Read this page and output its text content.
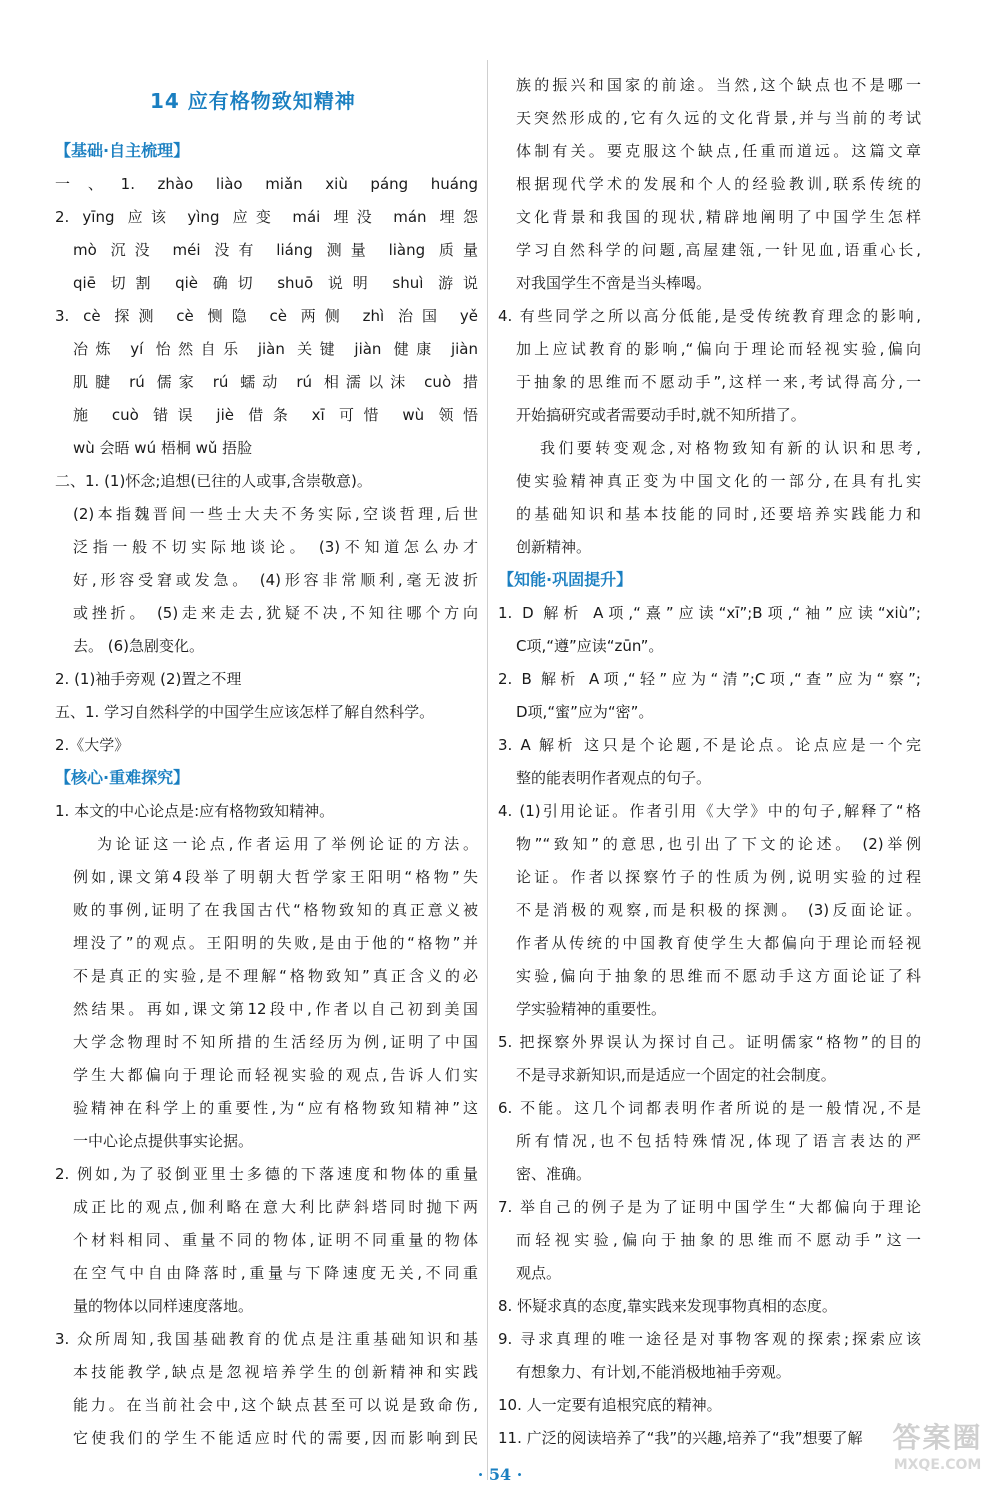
14 应有格物致知精神
【基础·自主梳理】
一、1. zhào liào miǎn xiù páng huáng
2. yīng 应该 yìng 应变 mái 埋没 mán 埋怨
mò 沉没 méi 没有 liáng 测量 liàng 质量
qiē 切割 qiè 确切 shuō 说明 shuì 游说
3. cè 探测 cè 恻隐 cè 两侧 zhì 治国 yě
冶炼 yí 怡然自乐 jiàn 关键 jiàn 健康 jiàn
肌腱 rú 儒家 rú 蠕动 rú 相濡以沫 cuò 措
施 cuò 错误 jiè 借条 xī 可惜 wù 领悟
wù 会晤 wú 梧桐 wǔ 捂脸
二、1. (1)怀念;追想(已往的人或事,含崇敬意)。
(2)本指魏晋间一些士大夫不务实际,空谈哲理,后世
泛指一般不切实际地谈论。 (3)不知道怎么办才
好,形容受窘或发急。 (4)形容非常顺利,毫无波折
或挫折。 (5)走来走去,犹疑不决,不知往哪个方向
去。 (6)急剧变化。
2. (1)袖手旁观 (2)置之不理
五、1. 学习自然科学的中国学生应该怎样了解自然科学。
2.《大学》
【核心·重难探究】
1. 本文的中心论点是:应有格物致知精神。
为论证这一论点,作者运用了举例论证的方法。
例如,课文第4段举了明朝大哲学家王阳明“格物”失
败的事例,证明了在我国古代“格物致知的真正意义被
埋没了”的观点。王阳明的失败,是由于他的“格物”并
不是真正的实验,是不理解“格物致知”真正含义的必
然结果。再如,课文第12段中,作者以自己初到美国
大学念物理时不知所措的生活经历为例,证明了中国
学生大都偏向于理论而轻视实验的观点,告诉人们实
验精神在科学上的重要性,为“应有格物致知精神”这
一中心论点提供事实论据。
2. 例如,为了驳倒亚里士多德的下落速度和物体的重量
成正比的观点,伽利略在意大利比萨斜塔同时抛下两
个材料相同、重量不同的物体,证明不同重量的物体
在空气中自由降落时,重量与下降速度无关,不同重
量的物体以同样速度落地。
3. 众所周知,我国基础教育的优点是注重基础知识和基
本技能教学,缺点是忽视培养学生的创新精神和实践
能力。在当前社会中,这个缺点甚至可以说是致命伤,
它使我们的学生不能适应时代的需要,因而影响到民
族的振兴和国家的前途。当然,这个缺点也不是哪一
天突然形成的,它有久远的文化背景,并与当前的考试
体制有关。要克服这个缺点,任重而道远。这篇文章
根据现代学术的发展和个人的经验教训,联系传统的
文化背景和我国的现状,精辟地阐明了中国学生怎样
学习自然科学的问题,高屋建瓴,一针见血,语重心长,
对我国学生不啻是当头棒喝。
4. 有些同学之所以高分低能,是受传统教育理念的影响,
加上应试教育的影响,“偏向于理论而轻视实验,偏向
于抽象的思维而不愿动手”,这样一来,考试得高分,一
开始搞研究或者需要动手时,就不知所措了。
我们要转变观念,对格物致知有新的认识和思考,
使实验精神真正变为中国文化的一部分,在具有扎实
的基础知识和基本技能的同时,还要培养实践能力和
创新精神。
【知能·巩固提升】
1. D 解析 A项,“熹”应读“xī”;B项,“袖”应读“xiù”;
C项,“遵”应读“zūn”。
2. B 解析 A项,“轻”应为“清”;C项,“查”应为“察”;
D项,“蜜”应为“密”。
3. A 解析 这只是个论题,不是论点。论点应是一个完
整的能表明作者观点的句子。
4. (1)引用论证。作者引用《大学》中的句子,解释了“格
物”“致知”的意思,也引出了下文的论述。 (2)举例
论证。作者以探察竹子的性质为例,说明实验的过程
不是消极的观察,而是积极的探测。 (3)反面论证。
作者从传统的中国教育使学生大都偏向于理论而轻视
实验,偏向于抽象的思维而不愿动手这方面论证了科
学实验精神的重要性。
5. 把探察外界误认为探讨自己。证明儒家“格物”的目的
不是寻求新知识,而是适应一个固定的社会制度。
6. 不能。这几个词都表明作者所说的是一般情况,不是
所有情况,也不包括特殊情况,体现了语言表达的严
密、准确。
7. 举自己的例子是为了证明中国学生“大都偏向于理论
而轻视实验,偏向于抽象的思维而不愿动手”这一
观点。
8. 怀疑求真的态度,靠实践来发现事物真相的态度。
9. 寻求真理的唯一途径是对事物客观的探索;探索应该
有想象力、有计划,不能消极地袖手旁观。
10. 人一定要有追根究底的精神。
11. 广泛的阅读培养了“我”的兴趣,培养了“我”想要了解
· 54 ·
答案圈
MXQE.COM
